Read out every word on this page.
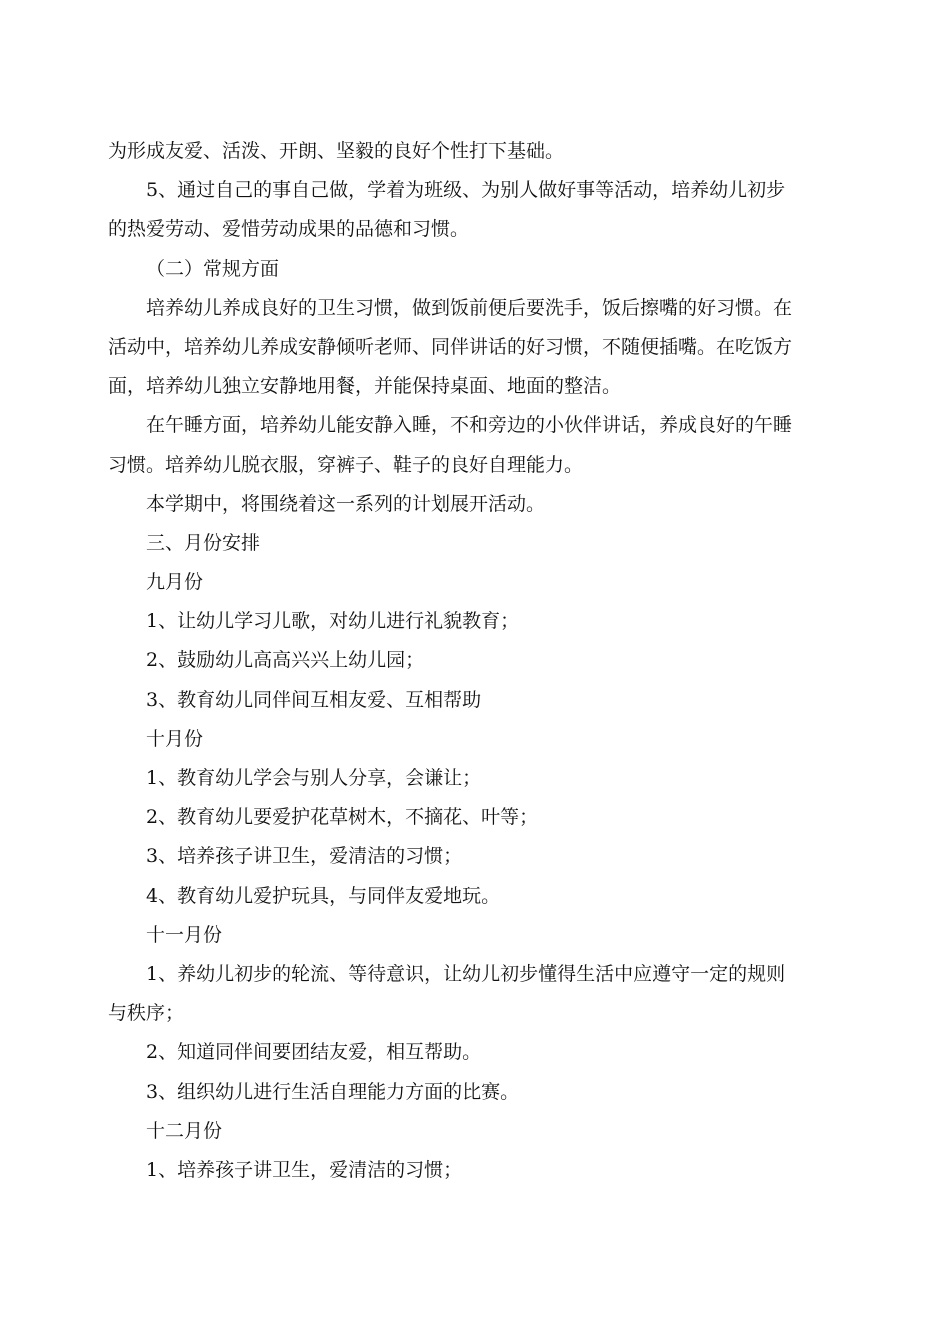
为形成友爱、活泼、开朗、坚毅的良好个性打下基础。
5、通过自己的事自己做，学着为班级、为别人做好事等活动，培养幼儿初步
的热爱劳动、爱惜劳动成果的品德和习惯。
（二）常规方面
培养幼儿养成良好的卫生习惯，做到饭前便后要洗手，饭后擦嘴的好习惯。在
活动中，培养幼儿养成安静倾听老师、同伴讲话的好习惯，不随便插嘴。在吃饭方
面，培养幼儿独立安静地用餐，并能保持桌面、地面的整洁。
在午睡方面，培养幼儿能安静入睡，不和旁边的小伙伴讲话，养成良好的午睡
习惯。培养幼儿脱衣服，穿裤子、鞋子的良好自理能力。
本学期中，将围绕着这一系列的计划展开活动。
三、月份安排
九月份
1、让幼儿学习儿歌，对幼儿进行礼貌教育；
2、鼓励幼儿高高兴兴上幼儿园；
3、教育幼儿同伴间互相友爱、互相帮助
十月份
1、教育幼儿学会与别人分享，会谦让；
2、教育幼儿要爱护花草树木，不摘花、叶等；
3、培养孩子讲卫生，爱清洁的习惯；
4、教育幼儿爱护玩具，与同伴友爱地玩。
十一月份
1、养幼儿初步的轮流、等待意识，让幼儿初步懂得生活中应遵守一定的规则
与秩序；
2、知道同伴间要团结友爱，相互帮助。
3、组织幼儿进行生活自理能力方面的比赛。
十二月份
1、培养孩子讲卫生，爱清洁的习惯；
